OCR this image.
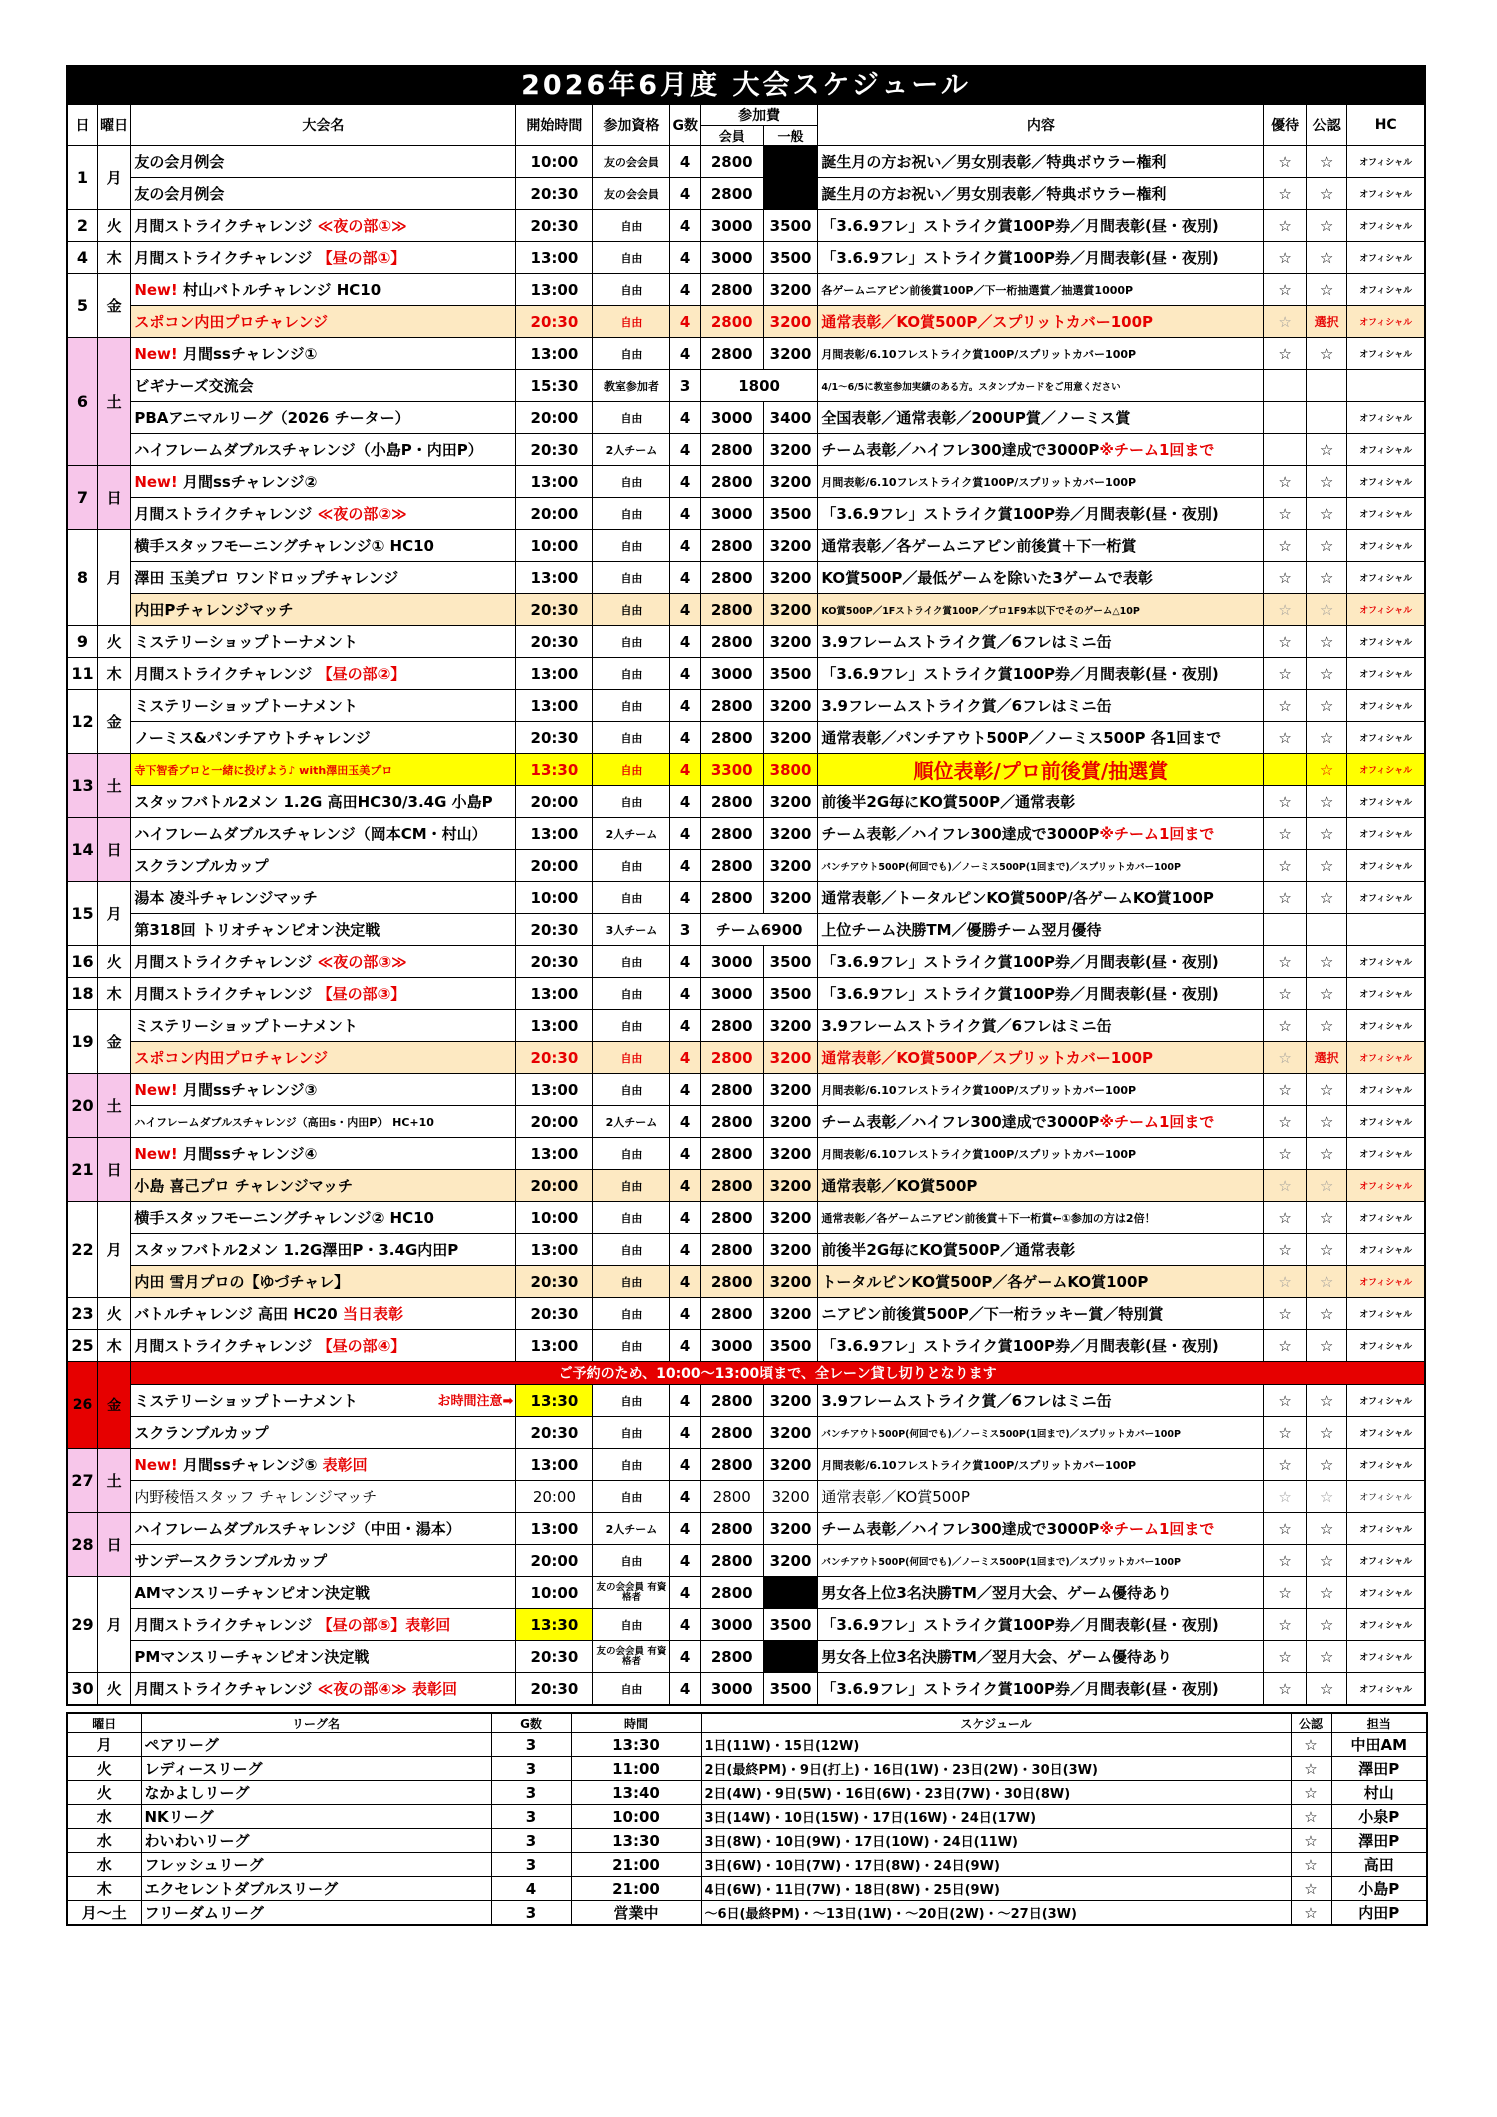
2026年6月度 大会スケジュール
日	曜日	大会名	開始時間	参加資格	G数	参加費		内容	優待	公認	HC
						会員	一般				
1	月	友の会月例会	10:00	友の会会員	4	2800		誕生月の方お祝い／男女別表彰／特典ボウラー権利	☆	☆	オフィシャル
		友の会月例会	20:30	友の会会員	4	2800		誕生月の方お祝い／男女別表彰／特典ボウラー権利	☆	☆	オフィシャル
2	火	月間ストライクチャレンジ ≪夜の部①≫	20:30	自由	4	3000	3500	「3.6.9フレ」ストライク賞100P券／月間表彰(昼・夜別)	☆	☆	オフィシャル
4	木	月間ストライクチャレンジ 【昼の部①】	13:00	自由	4	3000	3500	「3.6.9フレ」ストライク賞100P券／月間表彰(昼・夜別)	☆	☆	オフィシャル
5	金	New! 村山バトルチャレンジ HC10	13:00	自由	4	2800	3200	各ゲームニアピン前後賞100P／下一桁抽選賞／抽選賞1000P	☆	☆	オフィシャル
		スポコン内田プロチャレンジ	20:30	自由	4	2800	3200	通常表彰／KO賞500P／スプリットカバー100P	☆	選択	オフィシャル
6	土	New! 月間ssチャレンジ①	13:00	自由	4	2800	3200	月間表彰/6.10フレストライク賞100P/スプリットカバー100P	☆	☆	オフィシャル
		ビギナーズ交流会	15:30	教室参加者	3	1800		4/1～6/5に教室参加実績のある方。スタンプカードをご用意ください			
		PBAアニマルリーグ（2026 チーター）	20:00	自由	4	3000	3400	全国表彰／通常表彰／200UP賞／ノーミス賞			オフィシャル
		ハイフレームダブルスチャレンジ（小島P・内田P）	20:30	2人チーム	4	2800	3200	チーム表彰／ハイフレ300達成で3000P※チーム1回まで		☆	オフィシャル
7	日	New! 月間ssチャレンジ②	13:00	自由	4	2800	3200	月間表彰/6.10フレストライク賞100P/スプリットカバー100P	☆	☆	オフィシャル
		月間ストライクチャレンジ ≪夜の部②≫	20:00	自由	4	3000	3500	「3.6.9フレ」ストライク賞100P券／月間表彰(昼・夜別)	☆	☆	オフィシャル
8	月	横手スタッフモーニングチャレンジ① HC10	10:00	自由	4	2800	3200	通常表彰／各ゲームニアピン前後賞＋下一桁賞	☆	☆	オフィシャル
		澤田 玉美プロ ワンドロップチャレンジ	13:00	自由	4	2800	3200	KO賞500P／最低ゲームを除いた3ゲームで表彰	☆	☆	オフィシャル
		内田Pチャレンジマッチ	20:30	自由	4	2800	3200	KO賞500P／1Fストライク賞100P／プロ1F9本以下でそのゲーム△10P	☆	☆	オフィシャル
9	火	ミステリーショップトーナメント	20:30	自由	4	2800	3200	3.9フレームストライク賞／6フレはミニ缶	☆	☆	オフィシャル
11	木	月間ストライクチャレンジ 【昼の部②】	13:00	自由	4	3000	3500	「3.6.9フレ」ストライク賞100P券／月間表彰(昼・夜別)	☆	☆	オフィシャル
12	金	ミステリーショップトーナメント	13:00	自由	4	2800	3200	3.9フレームストライク賞／6フレはミニ缶	☆	☆	オフィシャル
		ノーミス&パンチアウトチャレンジ	20:30	自由	4	2800	3200	通常表彰／パンチアウト500P／ノーミス500P 各1回まで	☆	☆	オフィシャル
13	土	寺下智香プロと一緒に投げよう♪ with澤田玉美プロ	13:30	自由	4	3300	3800	順位表彰/プロ前後賞/抽選賞		☆	オフィシャル
		スタッフバトル2メン 1.2G 高田HC30/3.4G 小島P	20:00	自由	4	2800	3200	前後半2G毎にKO賞500P／通常表彰	☆	☆	オフィシャル
14	日	ハイフレームダブルスチャレンジ（岡本CM・村山）	13:00	2人チーム	4	2800	3200	チーム表彰／ハイフレ300達成で3000P※チーム1回まで	☆	☆	オフィシャル
		スクランブルカップ	20:00	自由	4	2800	3200	パンチアウト500P(何回でも)／ノーミス500P(1回まで)／スプリットカバー100P	☆	☆	オフィシャル
15	月	湯本 凌斗チャレンジマッチ	10:00	自由	4	2800	3200	通常表彰／トータルピンKO賞500P/各ゲームKO賞100P	☆	☆	オフィシャル
		第318回 トリオチャンピオン決定戦	20:30	3人チーム	3	チーム6900		上位チーム決勝TM／優勝チーム翌月優待			
16	火	月間ストライクチャレンジ ≪夜の部③≫	20:30	自由	4	3000	3500	「3.6.9フレ」ストライク賞100P券／月間表彰(昼・夜別)	☆	☆	オフィシャル
18	木	月間ストライクチャレンジ 【昼の部③】	13:00	自由	4	3000	3500	「3.6.9フレ」ストライク賞100P券／月間表彰(昼・夜別)	☆	☆	オフィシャル
19	金	ミステリーショップトーナメント	13:00	自由	4	2800	3200	3.9フレームストライク賞／6フレはミニ缶	☆	☆	オフィシャル
		スポコン内田プロチャレンジ	20:30	自由	4	2800	3200	通常表彰／KO賞500P／スプリットカバー100P	☆	選択	オフィシャル
20	土	New! 月間ssチャレンジ③	13:00	自由	4	2800	3200	月間表彰/6.10フレストライク賞100P/スプリットカバー100P	☆	☆	オフィシャル
		ハイフレームダブルスチャレンジ（高田s・内田P） HC+10	20:00	2人チーム	4	2800	3200	チーム表彰／ハイフレ300達成で3000P※チーム1回まで	☆	☆	オフィシャル
21	日	New! 月間ssチャレンジ④	13:00	自由	4	2800	3200	月間表彰/6.10フレストライク賞100P/スプリットカバー100P	☆	☆	オフィシャル
		小島 喜己プロ チャレンジマッチ	20:00	自由	4	2800	3200	通常表彰／KO賞500P	☆	☆	オフィシャル
22	月	横手スタッフモーニングチャレンジ② HC10	10:00	自由	4	2800	3200	通常表彰／各ゲームニアピン前後賞＋下一桁賞←①参加の方は2倍！	☆	☆	オフィシャル
		スタッフバトル2メン 1.2G澤田P・3.4G内田P	13:00	自由	4	2800	3200	前後半2G毎にKO賞500P／通常表彰	☆	☆	オフィシャル
		内田 雪月プロの【ゆづチャレ】	20:30	自由	4	2800	3200	トータルピンKO賞500P／各ゲームKO賞100P	☆	☆	オフィシャル
23	火	バトルチャレンジ 高田 HC20 当日表彰	20:30	自由	4	2800	3200	ニアピン前後賞500P／下一桁ラッキー賞／特別賞	☆	☆	オフィシャル
25	木	月間ストライクチャレンジ 【昼の部④】	13:00	自由	4	3000	3500	「3.6.9フレ」ストライク賞100P券／月間表彰(昼・夜別)	☆	☆	オフィシャル
26	金	ご予約のため、10:00～13:00頃まで、全レーン貸し切りとなります									
		ミステリーショップトーナメント お時間注意➡	13:30	自由	4	2800	3200	3.9フレームストライク賞／6フレはミニ缶	☆	☆	オフィシャル
		スクランブルカップ	20:30	自由	4	2800	3200	パンチアウト500P(何回でも)／ノーミス500P(1回まで)／スプリットカバー100P	☆	☆	オフィシャル
27	土	New! 月間ssチャレンジ⑤ 表彰回	13:00	自由	4	2800	3200	月間表彰/6.10フレストライク賞100P/スプリットカバー100P	☆	☆	オフィシャル
		内野稜悟スタッフ チャレンジマッチ	20:00	自由	4	2800	3200	通常表彰／KO賞500P	☆	☆	オフィシャル
28	日	ハイフレームダブルスチャレンジ（中田・湯本）	13:00	2人チーム	4	2800	3200	チーム表彰／ハイフレ300達成で3000P※チーム1回まで	☆	☆	オフィシャル
		サンデースクランブルカップ	20:00	自由	4	2800	3200	パンチアウト500P(何回でも)／ノーミス500P(1回まで)／スプリットカバー100P	☆	☆	オフィシャル
29	月	AMマンスリーチャンピオン決定戦	10:00	友の会会員 有資格者	4	2800		男女各上位3名決勝TM／翌月大会、ゲーム優待あり	☆	☆	オフィシャル
		月間ストライクチャレンジ 【昼の部⑤】表彰回	13:30	自由	4	3000	3500	「3.6.9フレ」ストライク賞100P券／月間表彰(昼・夜別)	☆	☆	オフィシャル
		PMマンスリーチャンピオン決定戦	20:30	友の会会員 有資格者	4	2800		男女各上位3名決勝TM／翌月大会、ゲーム優待あり	☆	☆	オフィシャル
30	火	月間ストライクチャレンジ ≪夜の部④≫ 表彰回	20:30	自由	4	3000	3500	「3.6.9フレ」ストライク賞100P券／月間表彰(昼・夜別)	☆	☆	オフィシャル
曜日	リーグ名	G数	時間	スケジュール	公認	担当
月	ペアリーグ	3	13:30	1日(11W)・15日(12W)	☆	中田AM
火	レディースリーグ	3	11:00	2日(最終PM)・9日(打上)・16日(1W)・23日(2W)・30日(3W)	☆	澤田P
火	なかよしリーグ	3	13:40	2日(4W)・9日(5W)・16日(6W)・23日(7W)・30日(8W)	☆	村山
水	NKリーグ	3	10:00	3日(14W)・10日(15W)・17日(16W)・24日(17W)	☆	小泉P
水	わいわいリーグ	3	13:30	3日(8W)・10日(9W)・17日(10W)・24日(11W)	☆	澤田P
水	フレッシュリーグ	3	21:00	3日(6W)・10日(7W)・17日(8W)・24日(9W)	☆	高田
木	エクセレントダブルスリーグ	4	21:00	4日(6W)・11日(7W)・18日(8W)・25日(9W)	☆	小島P
月～土	フリーダムリーグ	3	営業中	～6日(最終PM)・～13日(1W)・～20日(2W)・～27日(3W)	☆	内田P
